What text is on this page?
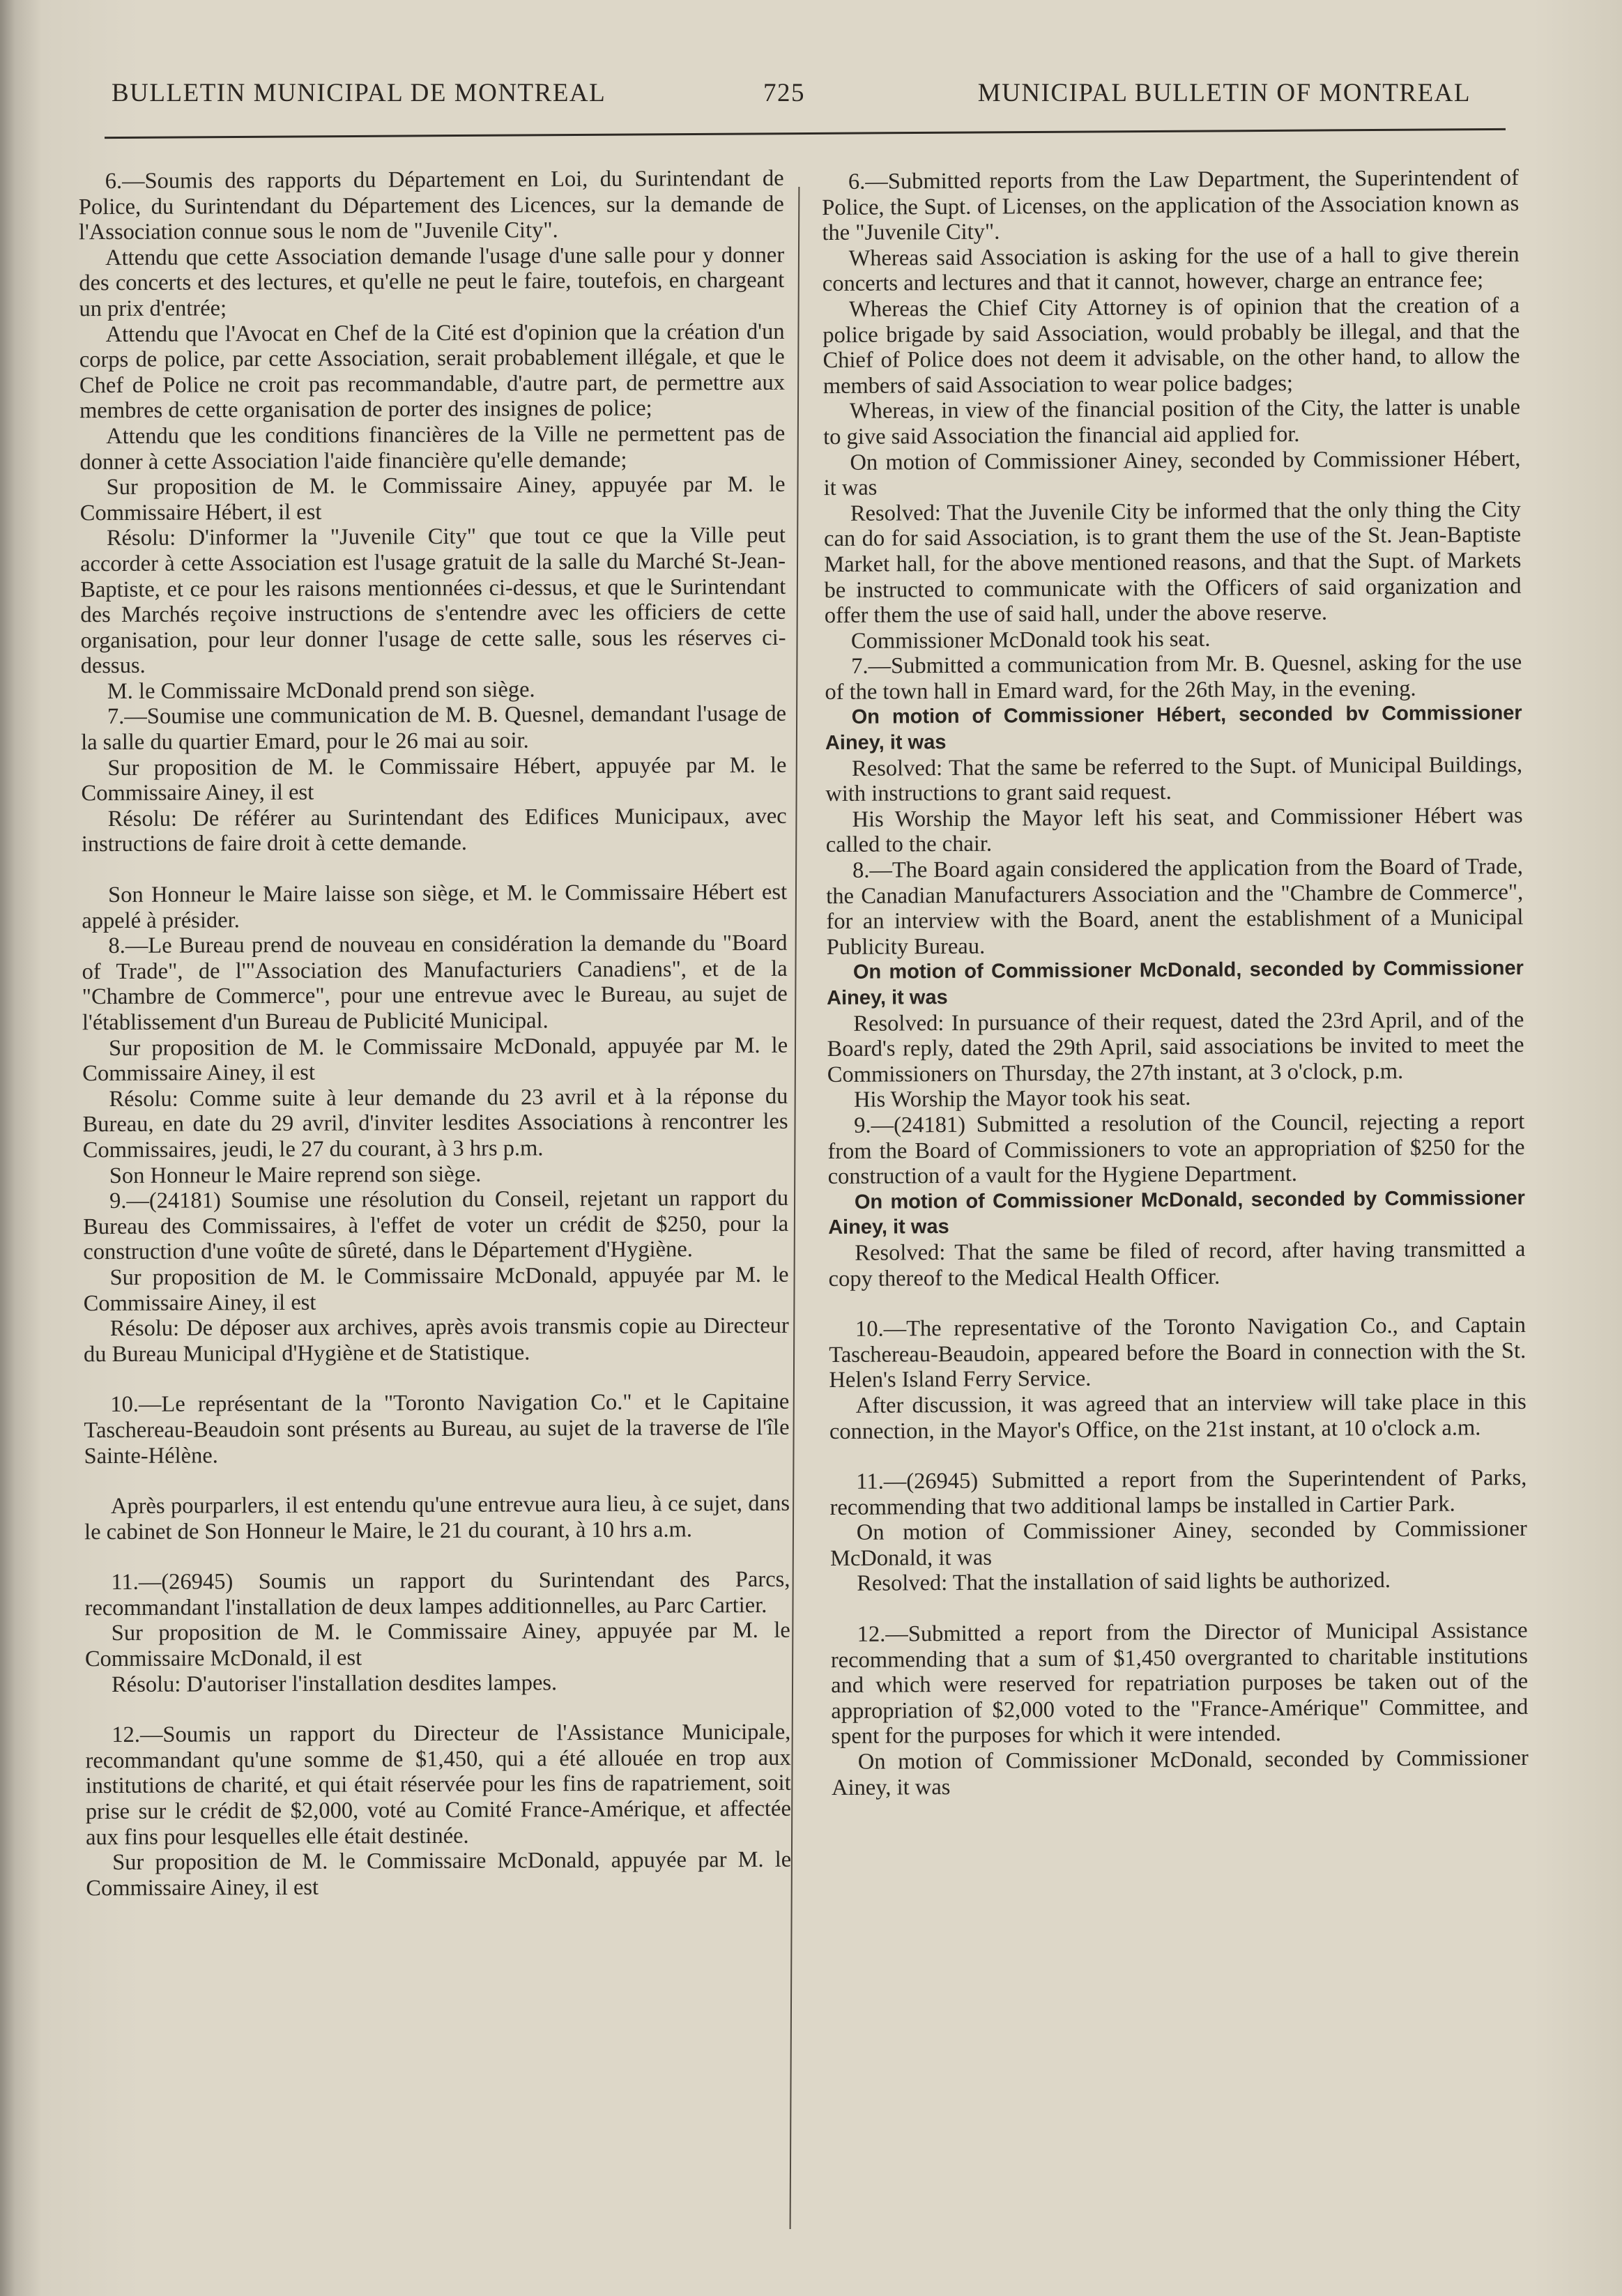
BULLETIN MUNICIPAL DE MONTREAL	725	MUNICIPAL BULLETIN OF MONTREAL

6.—Soumis des rapports du Département en Loi, du Surintendant de Police, du Surintendant du Département des Licences, sur la demande de l'Association connue sous le nom de "Juvenile City".

Attendu que cette Association demande l'usage d'une salle pour y donner des concerts et des lectures, et qu'elle ne peut le faire, toutefois, en chargeant un prix d'entrée;

Attendu que l'Avocat en Chef de la Cité est d'opinion que la création d'un corps de police, par cette Association, serait probablement illégale, et que le Chef de Police ne croit pas recommandable, d'autre part, de permettre aux membres de cette organisation de porter des insignes de police;

Attendu que les conditions financières de la Ville ne permettent pas de donner à cette Association l'aide financière qu'elle demande;

Sur proposition de M. le Commissaire Ainey, appuyée par M. le Commissaire Hébert, il est

Résolu: D'informer la "Juvenile City" que tout ce que la Ville peut accorder à cette Association est l'usage gratuit de la salle du Marché St-Jean-Baptiste, et ce pour les raisons mentionnées ci-dessus, et que le Surintendant des Marchés reçoive instructions de s'entendre avec les officiers de cette organisation, pour leur donner l'usage de cette salle, sous les réserves ci-dessus.

M. le Commissaire McDonald prend son siège.

7.—Soumise une communication de M. B. Quesnel, demandant l'usage de la salle du quartier Emard, pour le 26 mai au soir.

Sur proposition de M. le Commissaire Hébert, appuyée par M. le Commissaire Ainey, il est

Résolu: De référer au Surintendant des Edifices Municipaux, avec instructions de faire droit à cette demande.

Son Honneur le Maire laisse son siège, et M. le Commissaire Hébert est appelé à présider.

8.—Le Bureau prend de nouveau en considération la demande du "Board of Trade", de l'"Association des Manufacturiers Canadiens", et de la "Chambre de Commerce", pour une entrevue avec le Bureau, au sujet de l'établissement d'un Bureau de Publicité Municipal.

Sur proposition de M. le Commissaire McDonald, appuyée par M. le Commissaire Ainey, il est

Résolu: Comme suite à leur demande du 23 avril et à la réponse du Bureau, en date du 29 avril, d'inviter lesdites Associations à rencontrer les Commissaires, jeudi, le 27 du courant, à 3 hrs p.m.

Son Honneur le Maire reprend son siège.

9.—(24181) Soumise une résolution du Conseil, rejetant un rapport du Bureau des Commissaires, à l'effet de voter un crédit de $250, pour la construction d'une voûte de sûreté, dans le Département d'Hygiène.

Sur proposition de M. le Commissaire McDonald, appuyée par M. le Commissaire Ainey, il est

Résolu: De déposer aux archives, après avois transmis copie au Directeur du Bureau Municipal d'Hygiène et de Statistique.

10.—Le représentant de la "Toronto Navigation Co." et le Capitaine Taschereau-Beaudoin sont présents au Bureau, au sujet de la traverse de l'île Sainte-Hélène.

Après pourparlers, il est entendu qu'une entrevue aura lieu, à ce sujet, dans le cabinet de Son Honneur le Maire, le 21 du courant, à 10 hrs a.m.

11.—(26945) Soumis un rapport du Surintendant des Parcs, recommandant l'installation de deux lampes additionnelles, au Parc Cartier.

Sur proposition de M. le Commissaire Ainey, appuyée par M. le Commissaire McDonald, il est

Résolu: D'autoriser l'installation desdites lampes.

12.—Soumis un rapport du Directeur de l'Assistance Municipale, recommandant qu'une somme de $1,450, qui a été allouée en trop aux institutions de charité, et qui était réservée pour les fins de rapatriement, soit prise sur le crédit de $2,000, voté au Comité France-Amérique, et affectée aux fins pour lesquelles elle était destinée.

Sur proposition de M. le Commissaire McDonald, appuyée par M. le Commissaire Ainey, il est

6.—Submitted reports from the Law Department, the Superintendent of Police, the Supt. of Licenses, on the application of the Association known as the "Juvenile City".

Whereas said Association is asking for the use of a hall to give therein concerts and lectures and that it cannot, however, charge an entrance fee;

Whereas the Chief City Attorney is of opinion that the creation of a police brigade by said Association, would probably be illegal, and that the Chief of Police does not deem it advisable, on the other hand, to allow the members of said Association to wear police badges;

Whereas, in view of the financial position of the City, the latter is unable to give said Association the financial aid applied for.

On motion of Commissioner Ainey, seconded by Commissioner Hébert, it was

Resolved: That the Juvenile City be informed that the only thing the City can do for said Association, is to grant them the use of the St. Jean-Baptiste Market hall, for the above mentioned reasons, and that the Supt. of Markets be instructed to communicate with the Officers of said organization and offer them the use of said hall, under the above reserve.

Commissioner McDonald took his seat.

7.—Submitted a communication from Mr. B. Quesnel, asking for the use of the town hall in Emard ward, for the 26th May, in the evening.

On motion of Commissioner Hébert, seconded bv Commissioner Ainey, it was

Resolved: That the same be referred to the Supt. of Municipal Buildings, with instructions to grant said request.

His Worship the Mayor left his seat, and Commissioner Hébert was called to the chair.

8.—The Board again considered the application from the Board of Trade, the Canadian Manufacturers Association and the "Chambre de Commerce", for an interview with the Board, anent the establishment of a Municipal Publicity Bureau.

On motion of Commissioner McDonald, seconded by Commissioner Ainey, it was

Resolved: In pursuance of their request, dated the 23rd April, and of the Board's reply, dated the 29th April, said associations be invited to meet the Commissioners on Thursday, the 27th instant, at 3 o'clock, p.m.

His Worship the Mayor took his seat.

9.—(24181) Submitted a resolution of the Council, rejecting a report from the Board of Commissioners to vote an appropriation of $250 for the construction of a vault for the Hygiene Department.

On motion of Commissioner McDonald, seconded by Commissioner Ainey, it was

Resolved: That the same be filed of record, after having transmitted a copy thereof to the Medical Health Officer.

10.—The representative of the Toronto Navigation Co., and Captain Taschereau-Beaudoin, appeared before the Board in connection with the St. Helen's Island Ferry Service.

After discussion, it was agreed that an interview will take place in this connection, in the Mayor's Office, on the 21st instant, at 10 o'clock a.m.

11.—(26945) Submitted a report from the Superintendent of Parks, recommending that two additional lamps be installed in Cartier Park.

On motion of Commissioner Ainey, seconded by Commissioner McDonald, it was

Resolved: That the installation of said lights be authorized.

12.—Submitted a report from the Director of Municipal Assistance recommending that a sum of $1,450 overgranted to charitable institutions and which were reserved for repatriation purposes be taken out of the appropriation of $2,000 voted to the "France-Amérique" Committee, and spent for the purposes for which it were intended.

On motion of Commissioner McDonald, seconded by Commissioner Ainey, it was
